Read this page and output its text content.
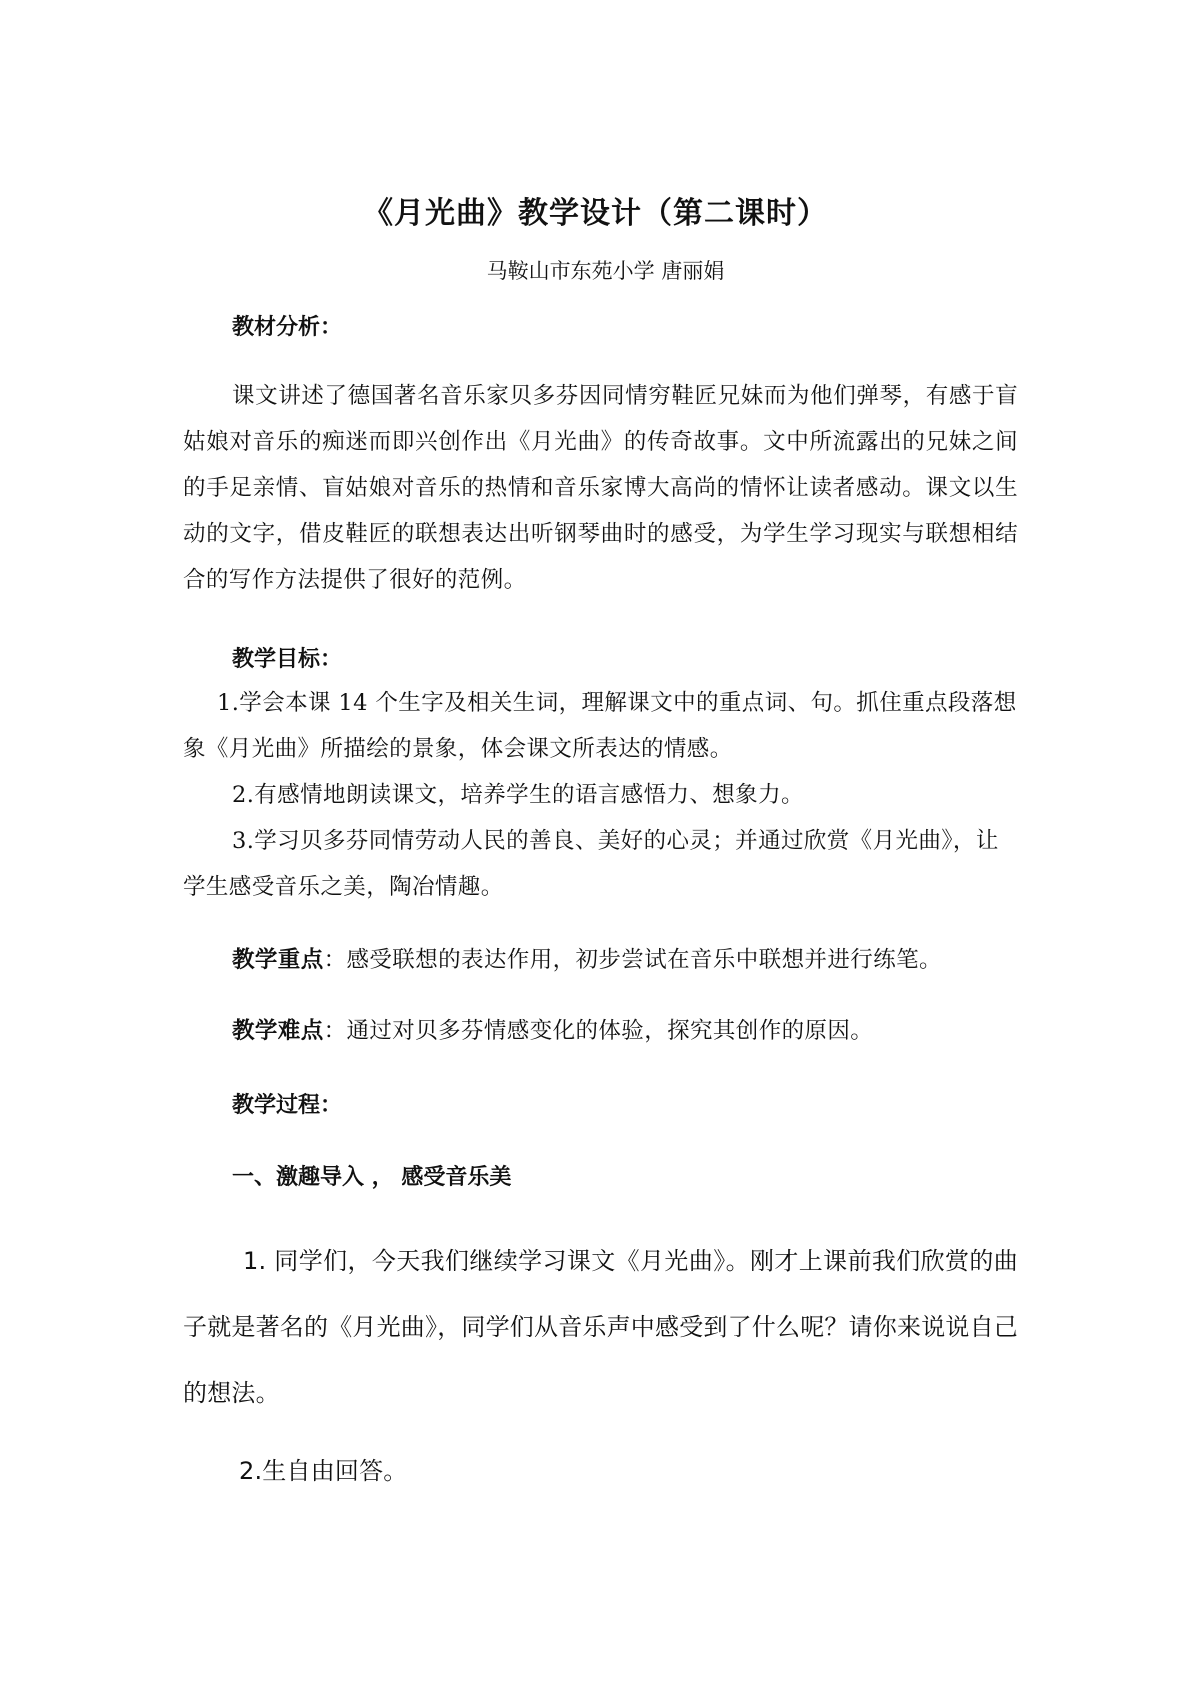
《月光曲》教学设计（第二课时）
马鞍山市东苑小学 唐丽娟
教材分析：

课文讲述了德国著名音乐家贝多芬因同情穷鞋匠兄妹而为他们弹琴，有感于盲姑娘对音乐的痴迷而即兴创作出《月光曲》的传奇故事。文中所流露出的兄妹之间的手足亲情、盲姑娘对音乐的热情和音乐家博大高尚的情怀让读者感动。课文以生动的文字，借皮鞋匠的联想表达出听钢琴曲时的感受，为学生学习现实与联想相结合的写作方法提供了很好的范例。

教学目标：

1.学会本课 14 个生字及相关生词，理解课文中的重点词、句。抓住重点段落想象《月光曲》所描绘的景象，体会课文所表达的情感。

2.有感情地朗读课文，培养学生的语言感悟力、想象力。

3.学习贝多芬同情劳动人民的善良、美好的心灵；并通过欣赏《月光曲》，让学生感受音乐之美，陶冶情趣。

教学重点：感受联想的表达作用，初步尝试在音乐中联想并进行练笔。

教学难点：通过对贝多芬情感变化的体验，探究其创作的原因。

教学过程：
一、激趣导入 ， 感受音乐美

1. 同学们，今天我们继续学习课文《月光曲》。刚才上课前我们欣赏的曲子就是著名的《月光曲》，同学们从音乐声中感受到了什么呢？请你来说说自己的想法。

2.生自由回答。
